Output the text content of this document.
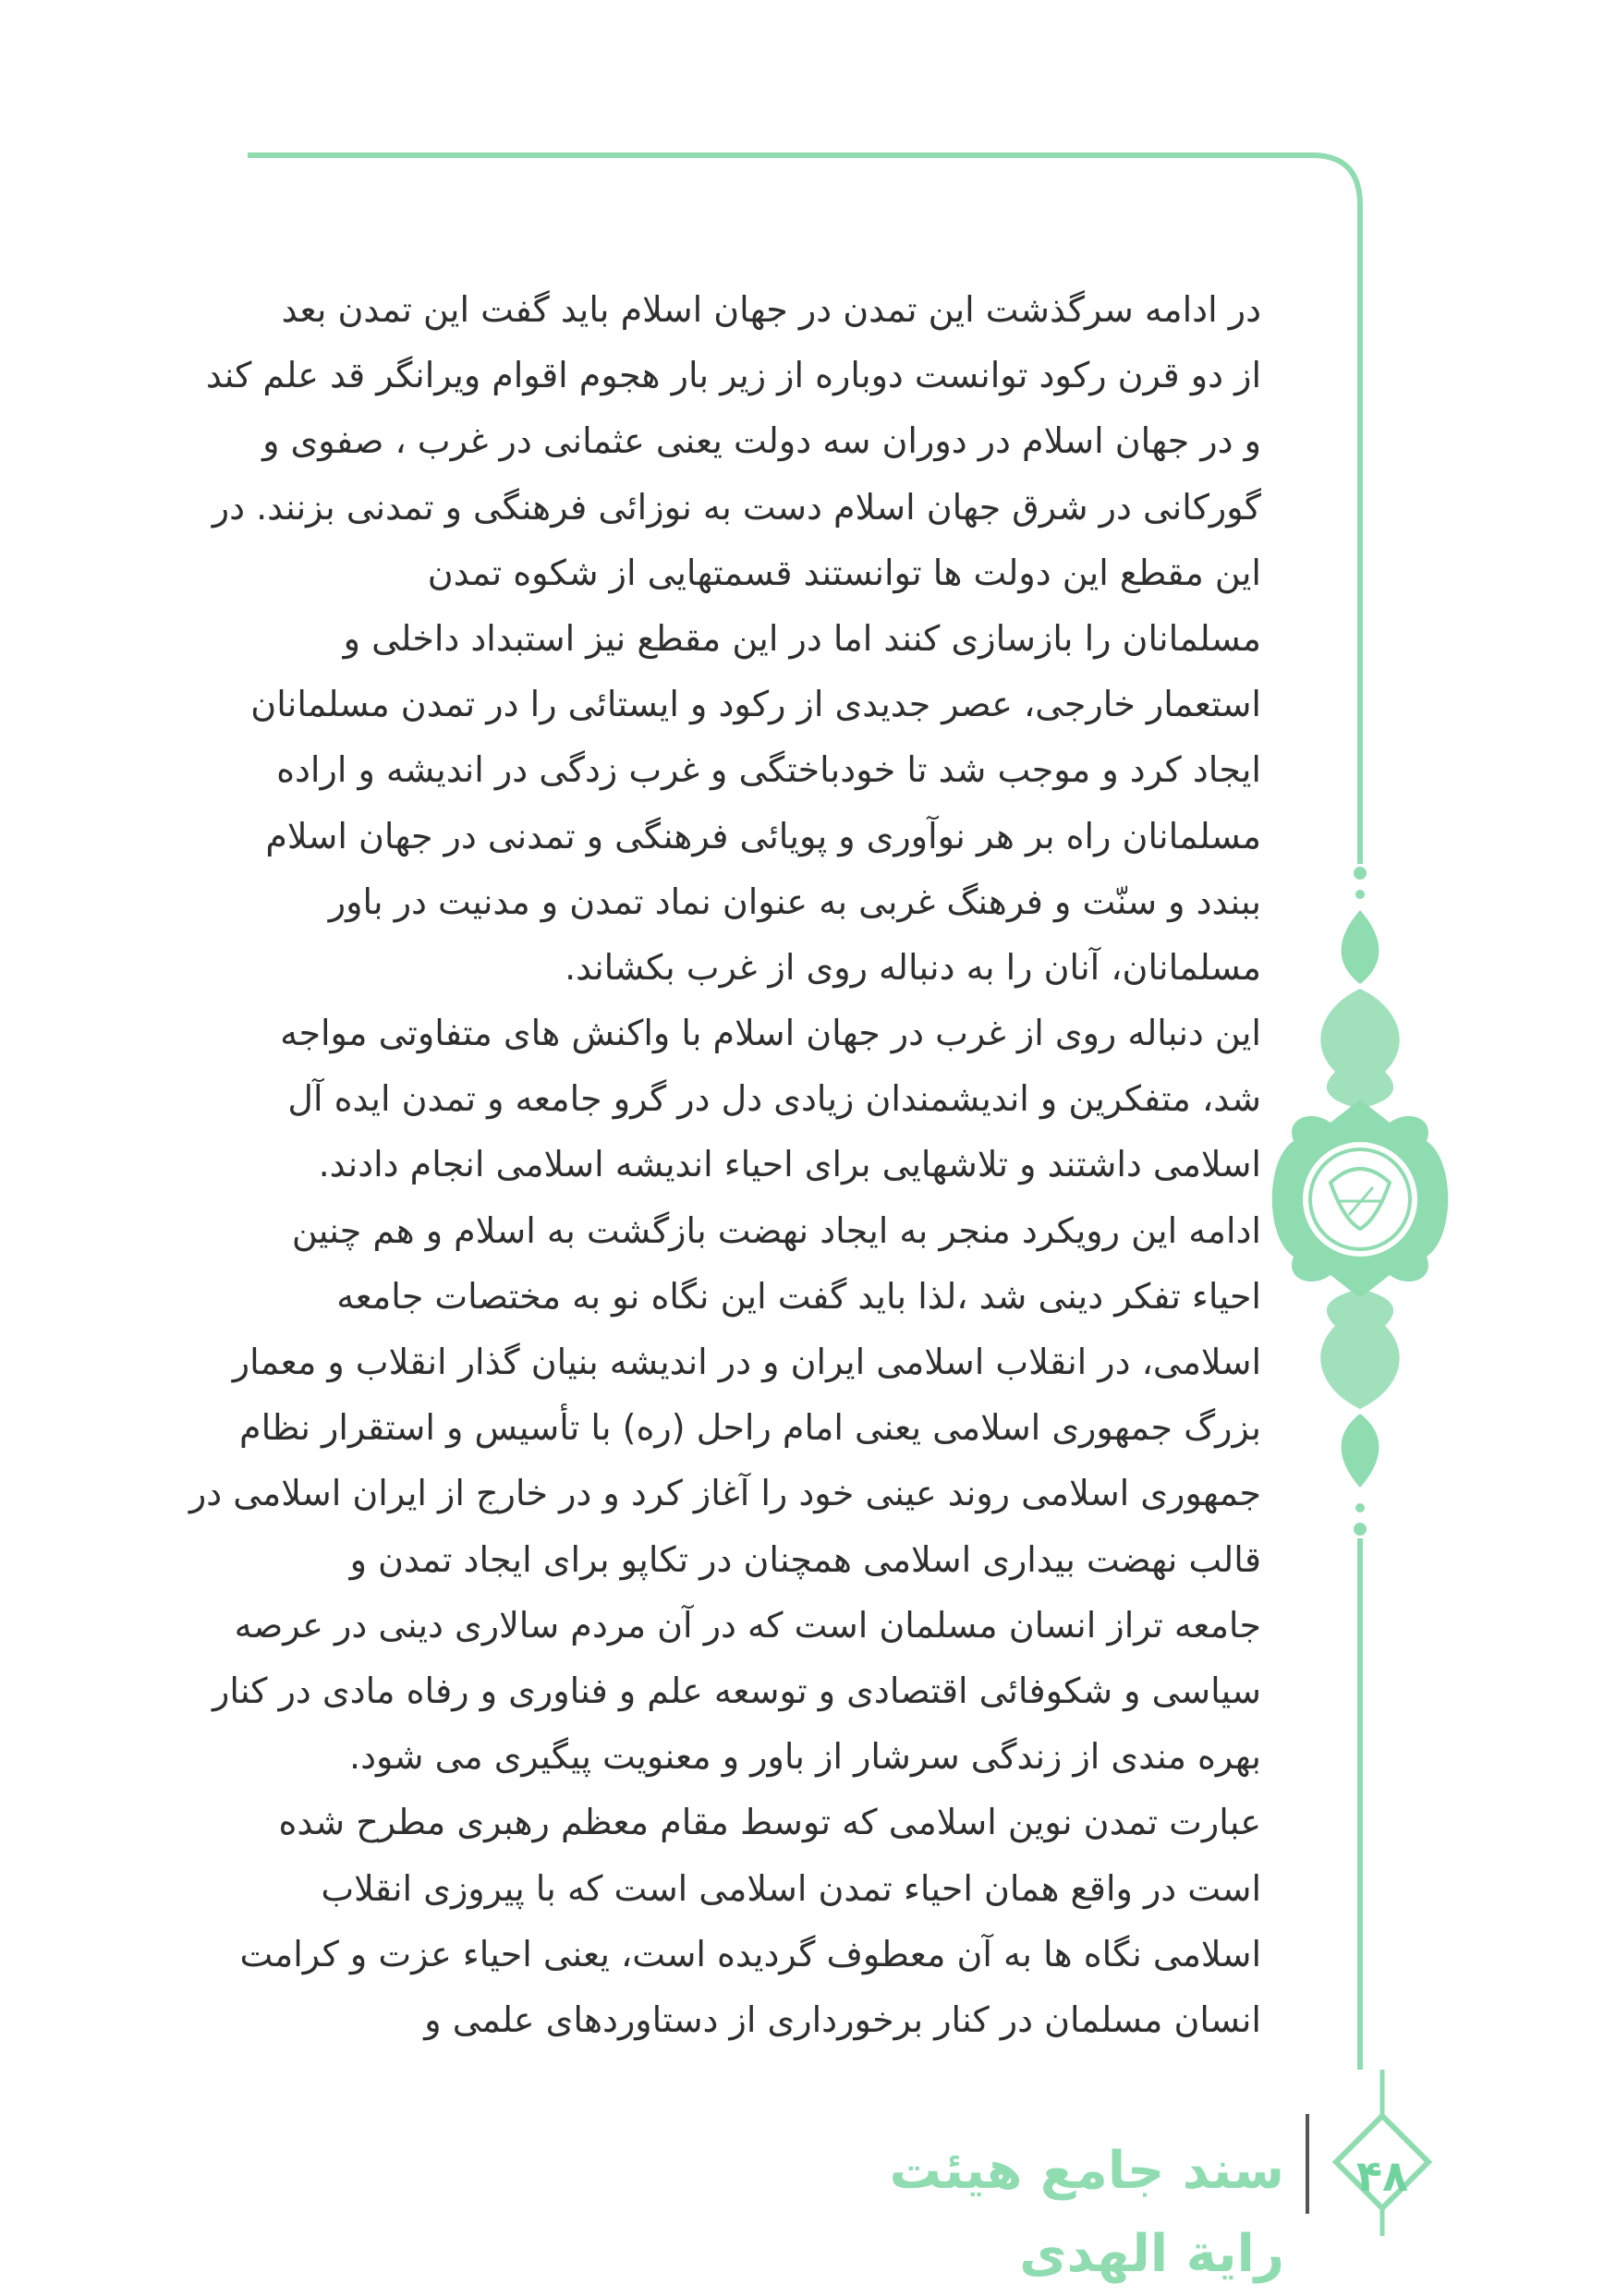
در ادامه سرگذشت این تمدن در جهان اسلام باید گفت این تمدن بعد
از دو قرن رکود توانست دوباره از زیر بار هجوم اقوام ویرانگر قد علم کند
و در جهان اسلام در دوران سه دولت یعنی عثمانی در غرب ، صفوی و
گورکانی در شرق جهان اسلام دست به نوزائی فرهنگی و تمدنی بزنند. در
این مقطع این دولت ها توانستند قسمتهایی از شکوه تمدن
مسلمانان را بازسازی کنند اما در این مقطع نیز استبداد داخلی و
استعمار خارجی، عصر جدیدی از رکود و ایستائی را در تمدن مسلمانان
ایجاد کرد و موجب شد تا خودباختگی و غرب زدگی در اندیشه و اراده
مسلمانان راه بر هر نوآوری و پویائی فرهنگی و تمدنی در جهان اسلام
ببندد و سنّت و فرهنگ غربی به عنوان نماد تمدن و مدنیت در باور
مسلمانان، آنان را به دنباله روی از غرب بکشاند.
این دنباله روی از غرب در جهان اسلام با واکنش های متفاوتی مواجه
شد، متفکرین و اندیشمندان زیادی دل در گرو جامعه و تمدن ایده آل
اسلامی داشتند و تلاشهایی برای احیاء اندیشه اسلامی انجام دادند.
ادامه این رویکرد منجر به ایجاد نهضت بازگشت به اسلام و هم چنین
احیاء تفکر دینی شد ،لذا باید گفت این نگاه نو به مختصات جامعه
اسلامی، در انقلاب اسلامی ایران و در اندیشه بنیان گذار انقلاب و معمار
بزرگ جمهوری اسلامی یعنی امام راحل (ره) با تأسیس و استقرار نظام
جمهوری اسلامی روند عینی خود را آغاز کرد و در خارج از ایران اسلامی در
قالب نهضت بیداری اسلامی همچنان در تکاپو برای ایجاد تمدن و
جامعه تراز انسان مسلمان است که در آن مردم سالاری دینی در عرصه
سیاسی و شکوفائی اقتصادی و توسعه علم و فناوری و رفاه مادی در کنار
بهره مندی از زندگی سرشار از باور و معنویت پیگیری می شود.
عبارت تمدن نوین اسلامی که توسط مقام معظم رهبری مطرح شده
است در واقع همان احیاء تمدن اسلامی است که با پیروزی انقلاب
اسلامی نگاه ها به آن معطوف گردیده است، یعنی احیاء عزت و کرامت
انسان مسلمان در کنار برخورداری از دستاوردهای علمی و
سند جامع هیئت رایة الهدی
۴۸
